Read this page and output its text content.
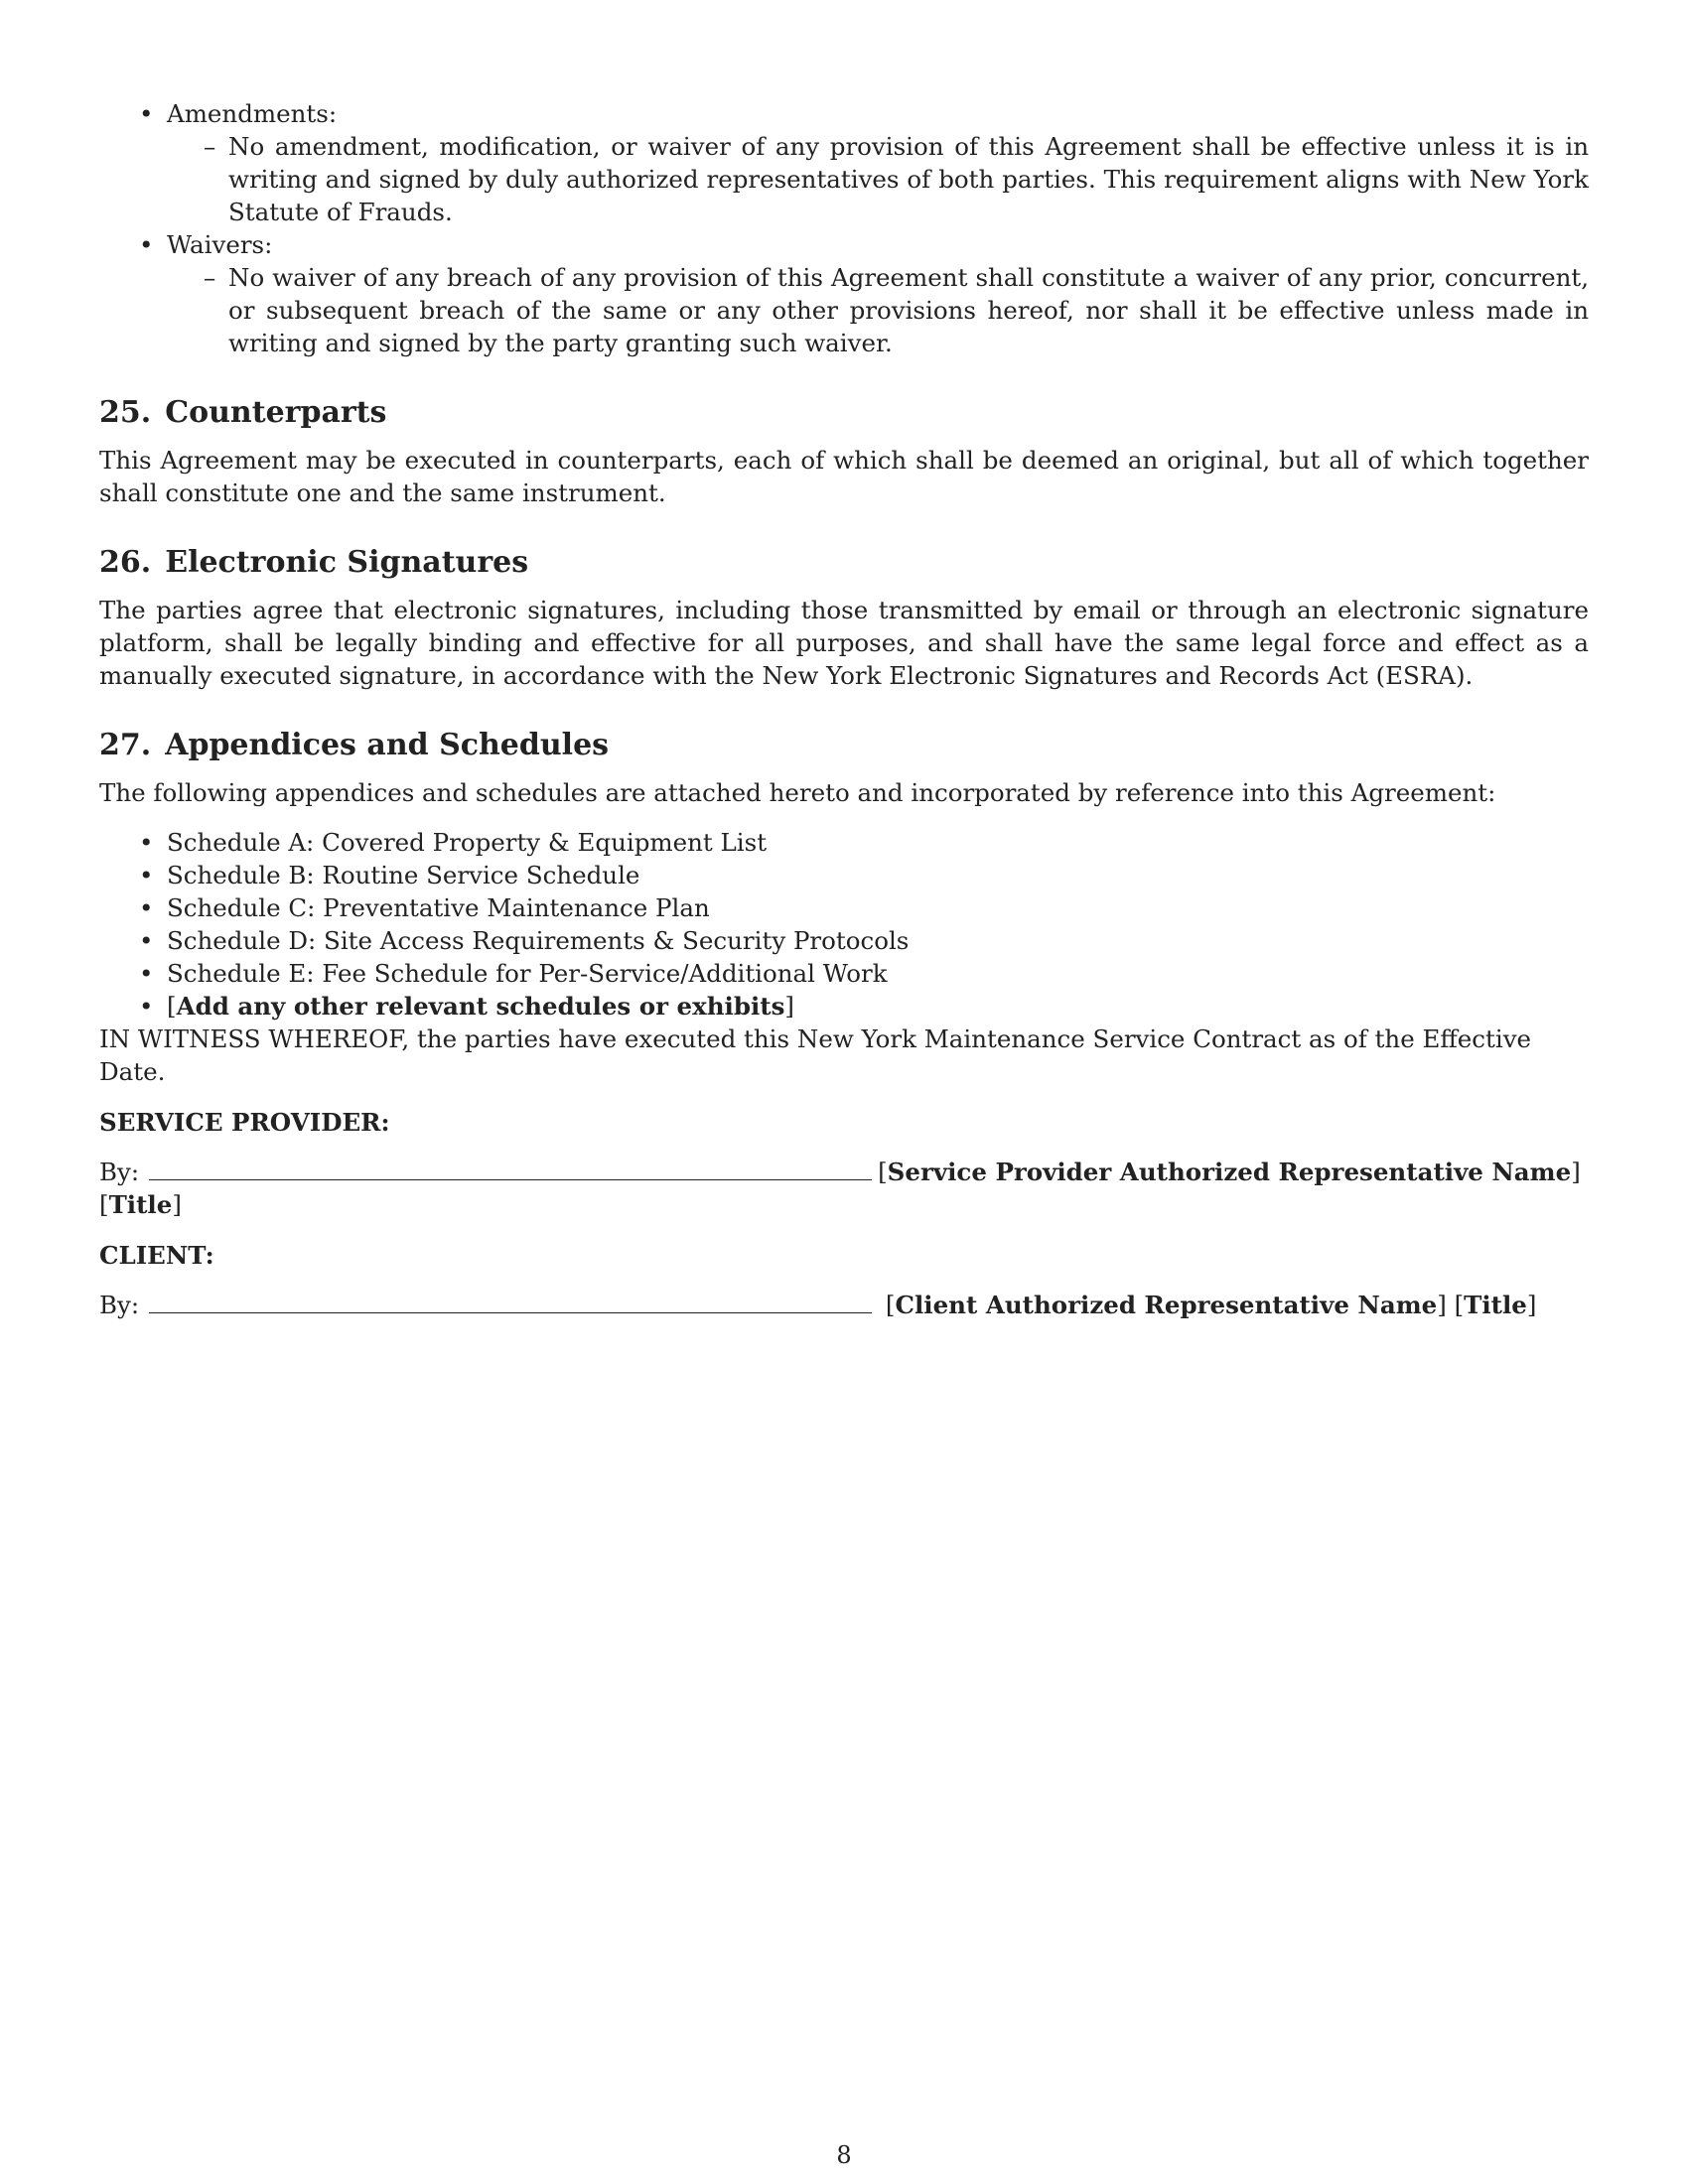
• Amendments:
– No amendment, modification, or waiver of any provision of this Agreement shall be effective unless it is in writing and signed by duly authorized representatives of both parties. This requirement aligns with New York Statute of Frauds.
• Waivers:
– No waiver of any breach of any provision of this Agreement shall constitute a waiver of any prior, concurrent, or subsequent breach of the same or any other provisions hereof, nor shall it be effective unless made in writing and signed by the party granting such waiver.
25. Counterparts

This Agreement may be executed in counterparts, each of which shall be deemed an original, but all of which together shall constitute one and the same instrument.

26. Electronic Signatures

The parties agree that electronic signatures, including those transmitted by email or through an electronic signature platform, shall be legally binding and effective for all purposes, and shall have the same legal force and effect as a manually executed signature, in accordance with the New York Electronic Signatures and Records Act (ESRA).

27. Appendices and Schedules

The following appendices and schedules are attached hereto and incorporated by reference into this Agreement:

• Schedule A: Covered Property & Equipment List
• Schedule B: Routine Service Schedule
• Schedule C: Preventative Maintenance Plan
• Schedule D: Site Access Requirements & Security Protocols
• Schedule E: Fee Schedule for Per-Service/Additional Work
• [Add any other relevant schedules or exhibits]

IN WITNESS WHEREOF, the parties have executed this New York Maintenance Service Contract as of the Effective Date.

SERVICE PROVIDER:
By:	[Service Provider Authorized Representative Name]
[Title]
CLIENT:
By:	[Client Authorized Representative Name] [Title]
8
